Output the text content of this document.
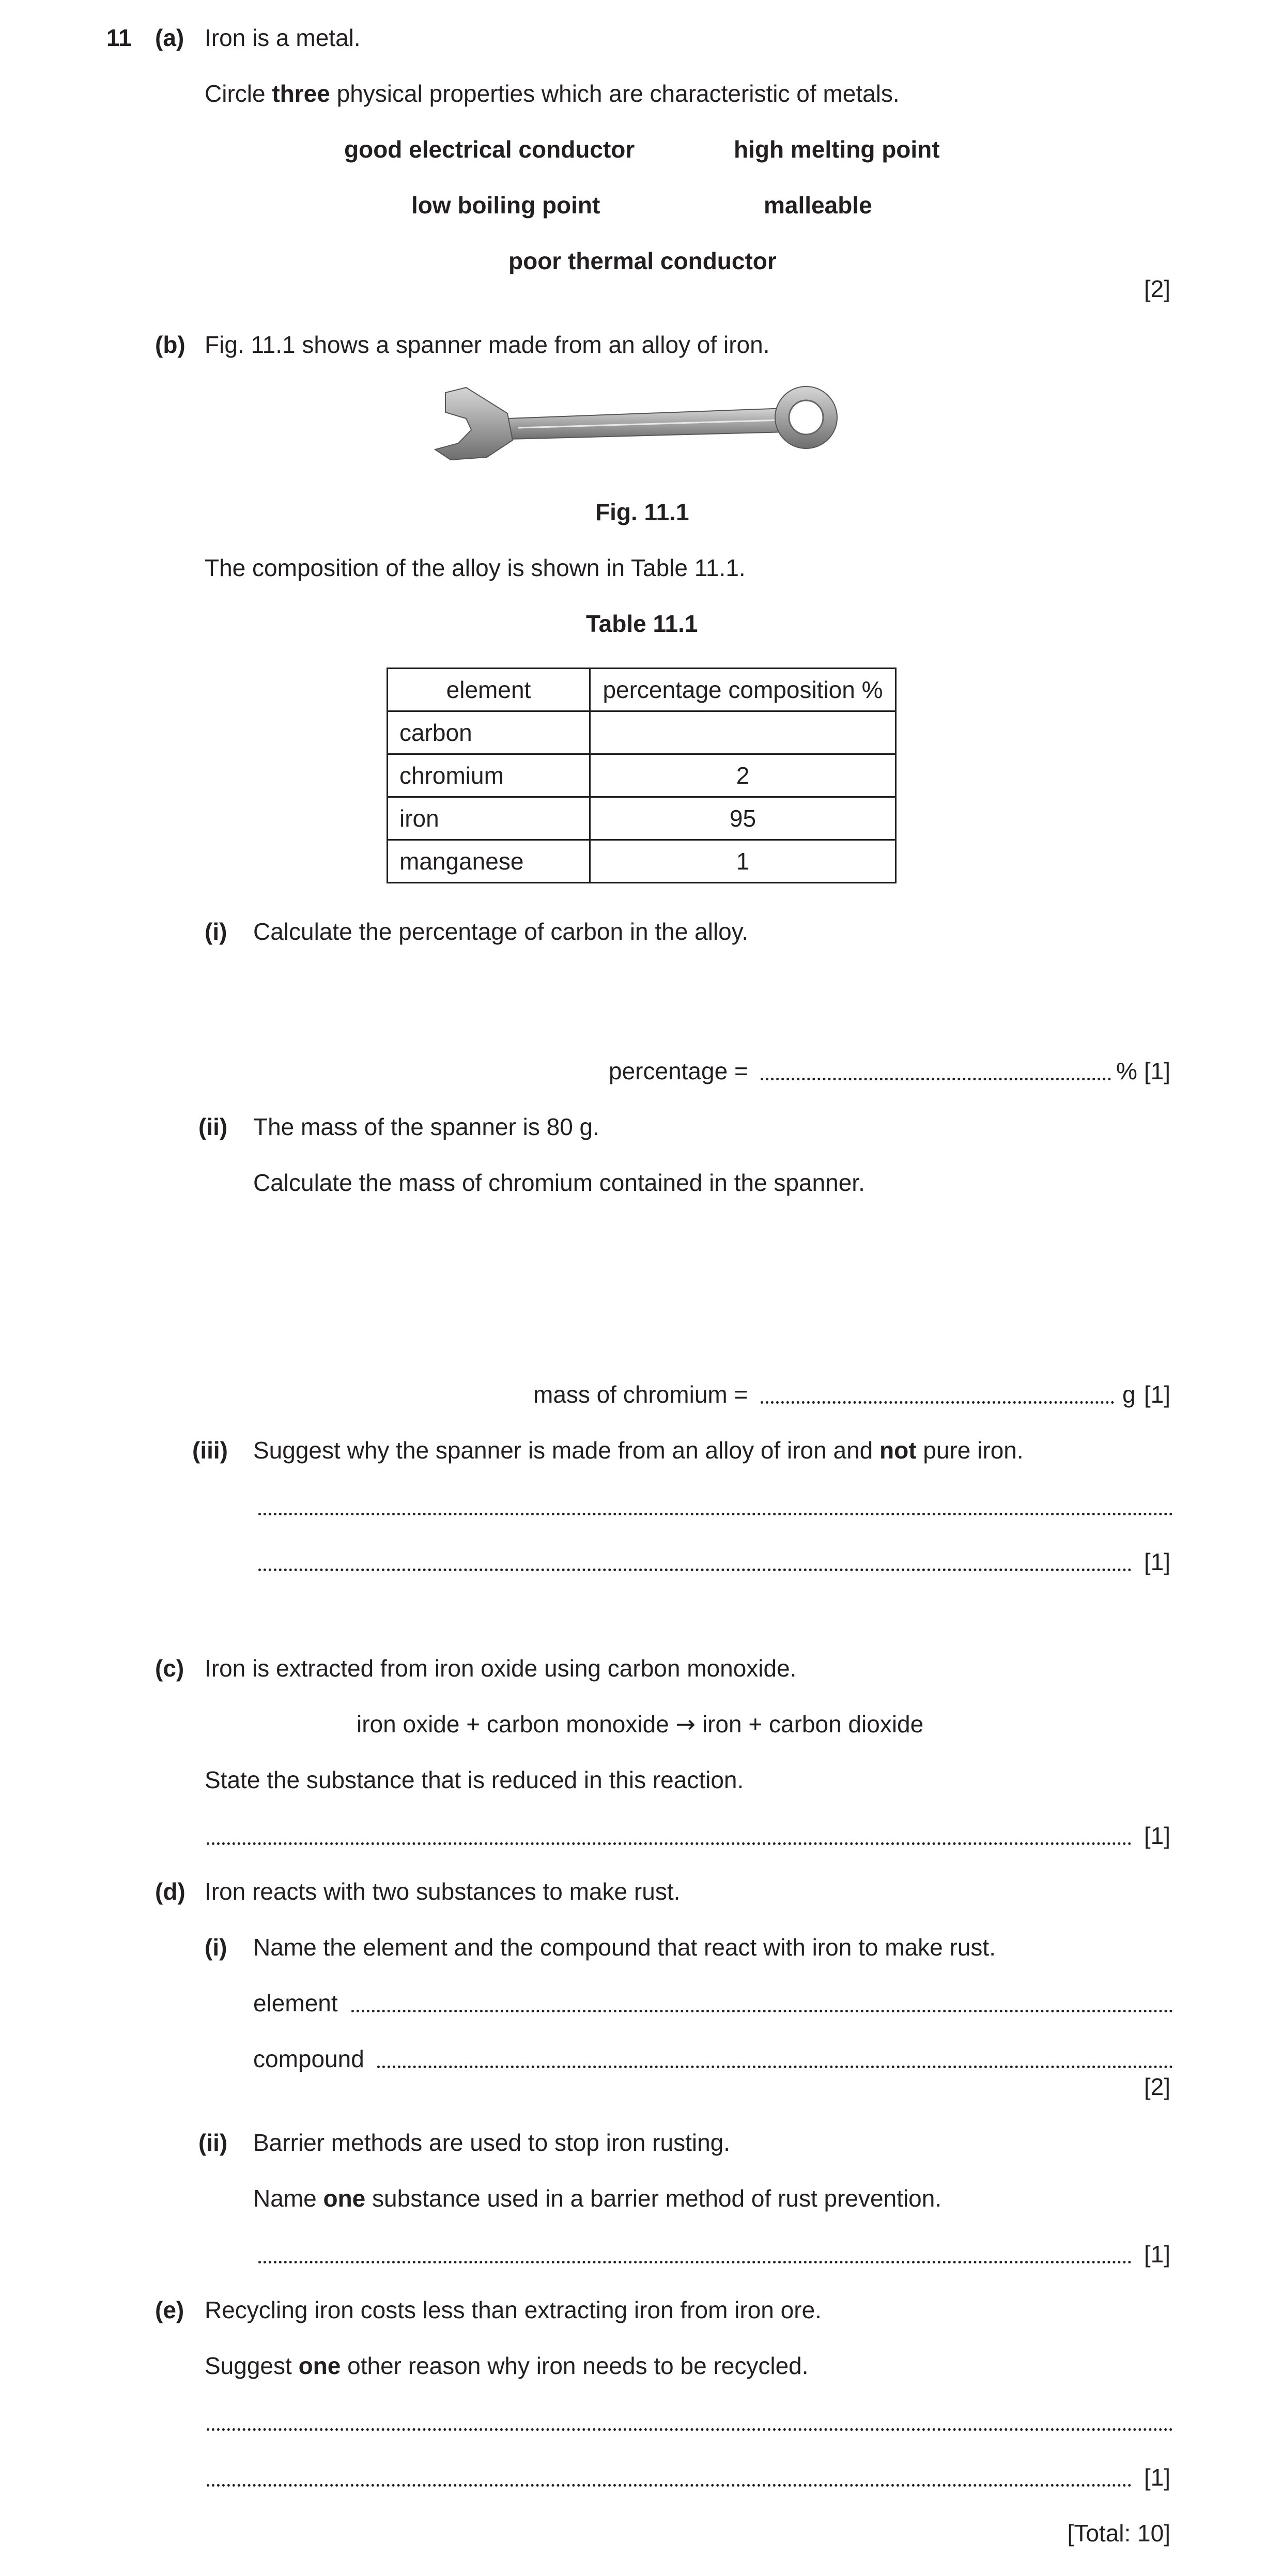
11 (a) Iron is a metal.
Circle three physical properties which are characteristic of metals.
good electrical conductor	high melting point
low boiling point	malleable
poor thermal conductor
[2]
(b) Fig. 11.1 shows a spanner made from an alloy of iron.
Fig. 11.1
The composition of the alloy is shown in Table 11.1.
Table 11.1
element	percentage composition %
carbon	
chromium	2
iron	95
manganese	1
(i) Calculate the percentage of carbon in the alloy.
percentage =	% [1]
(ii) The mass of the spanner is 80 g.
Calculate the mass of chromium contained in the spanner.
mass of chromium =	g [1]
(iii) Suggest why the spanner is made from an alloy of iron and not pure iron.
[1]
(c) Iron is extracted from iron oxide using carbon monoxide.
iron oxide + carbon monoxide → iron + carbon dioxide
State the substance that is reduced in this reaction.
[1]
(d) Iron reacts with two substances to make rust.
(i) Name the element and the compound that react with iron to make rust.
element
compound
[2]
(ii) Barrier methods are used to stop iron rusting.
Name one substance used in a barrier method of rust prevention.
[1]
(e) Recycling iron costs less than extracting iron from iron ore.
Suggest one other reason why iron needs to be recycled.
[1]
[Total: 10]
